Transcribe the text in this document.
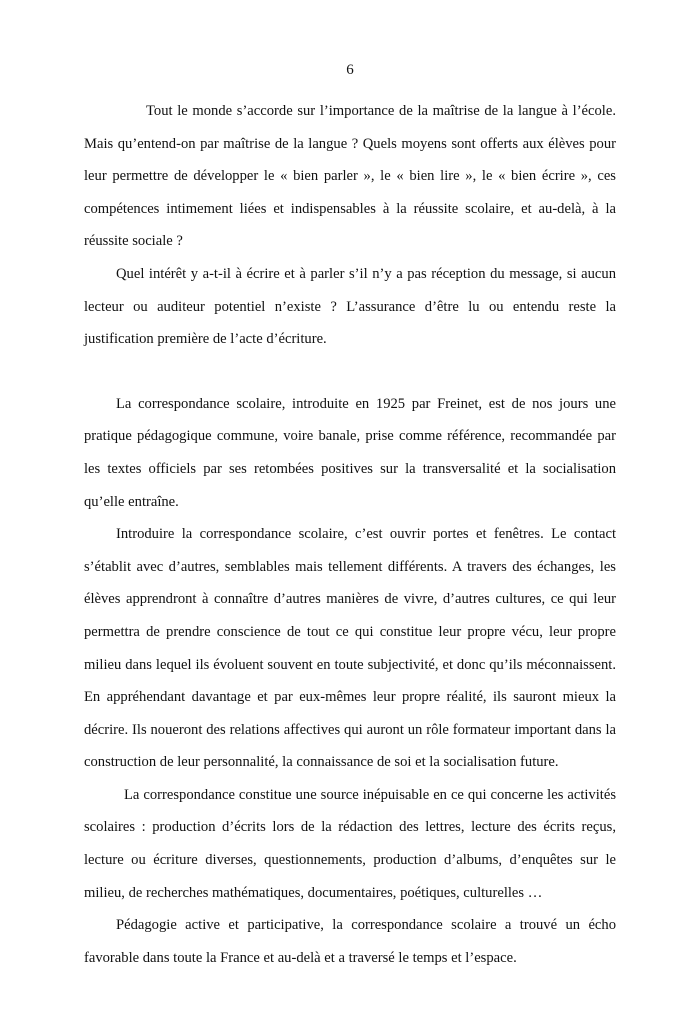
6

Tout le monde s’accorde sur l’importance de la maîtrise de la langue à l’école. Mais qu’entend-on par maîtrise de la langue ? Quels moyens sont offerts aux élèves pour leur permettre de développer le « bien parler », le « bien lire », le « bien écrire », ces compétences intimement liées et indispensables à la réussite scolaire, et au-delà, à la réussite sociale ?

Quel intérêt y a-t-il à écrire et à parler s’il n’y a pas réception du message, si aucun lecteur ou auditeur potentiel n’existe ? L’assurance d’être lu ou entendu reste la justification première de l’acte d’écriture.

La correspondance scolaire, introduite en 1925 par Freinet, est de nos jours une pratique pédagogique commune, voire banale, prise comme référence, recommandée par les textes officiels par ses retombées positives sur la transversalité et la socialisation qu’elle entraîne.

Introduire la correspondance scolaire, c’est ouvrir portes et fenêtres. Le contact s’établit avec d’autres, semblables mais tellement différents. A travers des échanges, les élèves apprendront à connaître d’autres manières de vivre, d’autres cultures, ce qui leur permettra de prendre conscience de tout ce qui constitue leur propre vécu, leur propre milieu dans lequel ils évoluent souvent en toute subjectivité, et donc qu’ils méconnaissent. En appréhendant davantage et par eux-mêmes leur propre réalité, ils sauront mieux la décrire. Ils noueront des relations affectives qui auront un rôle formateur important dans la construction de leur personnalité, la connaissance de soi et la socialisation future.

La correspondance constitue une source inépuisable en ce qui concerne les activités scolaires : production d’écrits lors de la rédaction des lettres, lecture des écrits reçus, lecture ou écriture diverses, questionnements, production d’albums, d’enquêtes sur le milieu, de recherches mathématiques, documentaires, poétiques, culturelles …

Pédagogie active et participative, la correspondance scolaire a trouvé un écho favorable dans toute la France et au-delà et a traversé le temps et l’espace.
